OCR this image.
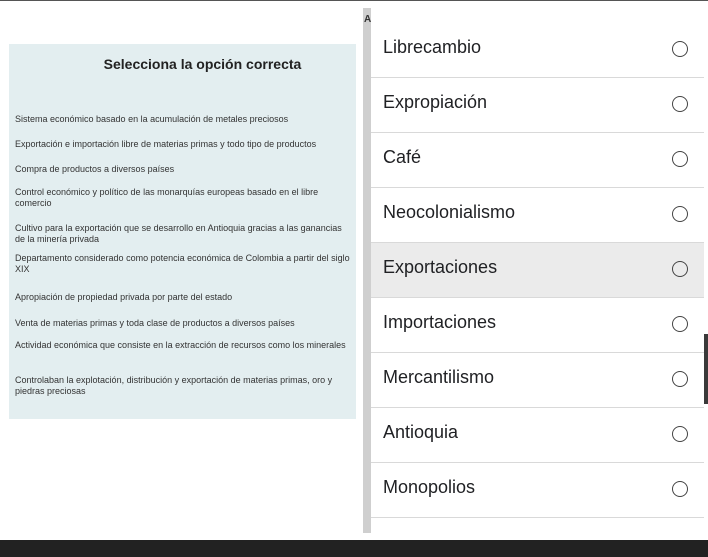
Selecciona la opción correcta
Sistema económico basado en la acumulación de metales preciosos
Exportación e importación libre de materias primas y todo tipo de productos
Compra de productos a diversos países
Control económico y político de las monarquías europeas basado en el libre comercio
Cultivo para la exportación que se desarrollo en Antioquia gracias a las ganancias de la minería privada
Departamento considerado como potencia económica de Colombia a partir del siglo XIX
Apropiación de propiedad privada por parte del estado
Venta de materias primas y toda clase de productos a diversos países
Actividad económica que consiste en la extracción de recursos como los minerales
Controlaban la explotación, distribución y exportación de materias primas, oro y piedras preciosas
A
Librecambio
Expropiación
Café
Neocolonialismo
Exportaciones
Importaciones
Mercantilismo
Antioquia
Monopolios
